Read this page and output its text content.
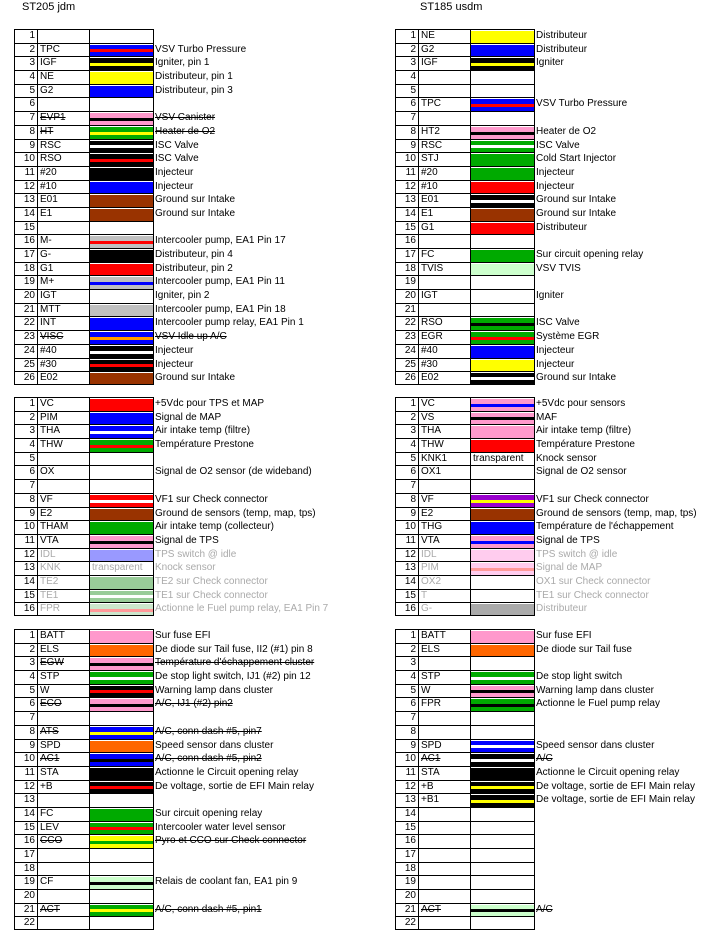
ST205 jdm	ST185 usdm
1
2 TPC	VSV Turbo Pressure
3 IGF	Igniter, pin 1
4 NE	Distributeur, pin 1
5 G2	Distributeur, pin 3
6
7 EVP1	VSV Canister
8 HT	Heater de O2
9 RSC	ISC Valve
10 RSO	ISC Valve
11 #20	Injecteur
12 #10	Injecteur
13 E01	Ground sur Intake
14 E1	Ground sur Intake
15
16 M-	Intercooler pump, EA1 Pin 17
17 G-	Distributeur, pin 4
18 G1	Distributeur, pin 2
19 M+	Intercooler pump, EA1 Pin 11
20 IGT	Igniter, pin 2
21 MTT	Intercooler pump, EA1 Pin 18
22 INT	Intercooler pump relay, EA1 Pin 1
23 VISC	VSV Idle up A/C
24 #40	Injecteur
25 #30	Injecteur
26 E02	Ground sur Intake
1 NE	Distributeur
2 G2	Distributeur
3 IGF	Igniter
4
5
6 TPC	VSV Turbo Pressure
7
8 HT2	Heater de O2
9 RSC	ISC Valve
10 STJ	Cold Start Injector
11 #20	Injecteur
12 #10	Injecteur
13 E01	Ground sur Intake
14 E1	Ground sur Intake
15 G1	Distributeur
16
17 FC	Sur circuit opening relay
18 TVIS	VSV TVIS
19
20 IGT	Igniter
21
22 RSO	ISC Valve
23 EGR	Système EGR
24 #40	Injecteur
25 #30	Injecteur
26 E02	Ground sur Intake
1 VC	+5Vdc pour TPS et MAP
2 PIM	Signal de MAP
3 THA	Air intake temp (filtre)
4 THW	Température Prestone
5
6 OX	Signal de O2 sensor (de wideband)
7
8 VF	VF1 sur Check connector
9 E2	Ground de sensors (temp, map, tps)
10 THAM	Air intake temp (collecteur)
11 VTA	Signal de TPS
12 IDL	TPS switch @ idle
13 KNK	transparent	Knock sensor
14 TE2	TE2 sur Check connector
15 TE1	TE1 sur Check connector
16 FPR	Actionne le Fuel pump relay, EA1 Pin 7
1 VC	+5Vdc pour sensors
2 VS	MAF
3 THA	Air intake temp (filtre)
4 THW	Température Prestone
5 KNK1	transparent	Knock sensor
6 OX1	Signal de O2 sensor
7
8 VF	VF1 sur Check connector
9 E2	Ground de sensors (temp, map, tps)
10 THG	Température de l'échappement
11 VTA	Signal de TPS
12 IDL	TPS switch @ idle
13 PIM	Signal de MAP
14 OX2	OX1 sur Check connector
15 T	TE1 sur Check connector
16 G-	Distributeur
1 BATT	Sur fuse EFI
2 ELS	De diode sur Tail fuse, II2 (#1) pin 8
3 EGW	Température d'échappement cluster
4 STP	De stop light switch, IJ1 (#2) pin 12
5 W	Warning lamp dans cluster
6 ECO	A/C, IJ1 (#2) pin2
7
8 ATS	A/C, conn dash #5, pin7
9 SPD	Speed sensor dans cluster
10 AC1	A/C, conn dash #5, pin2
11 STA	Actionne le Circuit opening relay
12 +B	De voltage, sortie de EFI Main relay
13
14 FC	Sur circuit opening relay
15 LEV	Intercooler water level sensor
16 CCO	Pyro et CCO sur Check connector
17
18
19 CF	Relais de coolant fan, EA1 pin 9
20
21 ACT	A/C, conn dash #5, pin1
22
1 BATT	Sur fuse EFI
2 ELS	De diode sur Tail fuse
3
4 STP	De stop light switch
5 W	Warning lamp dans cluster
6 FPR	Actionne le Fuel pump relay
7
8
9 SPD	Speed sensor dans cluster
10 AC1	A/C
11 STA	Actionne le Circuit opening relay
12 +B	De voltage, sortie de EFI Main relay
13 +B1	De voltage, sortie de EFI Main relay
14
15
16
17
18
19
20
21 ACT	A/C
22
